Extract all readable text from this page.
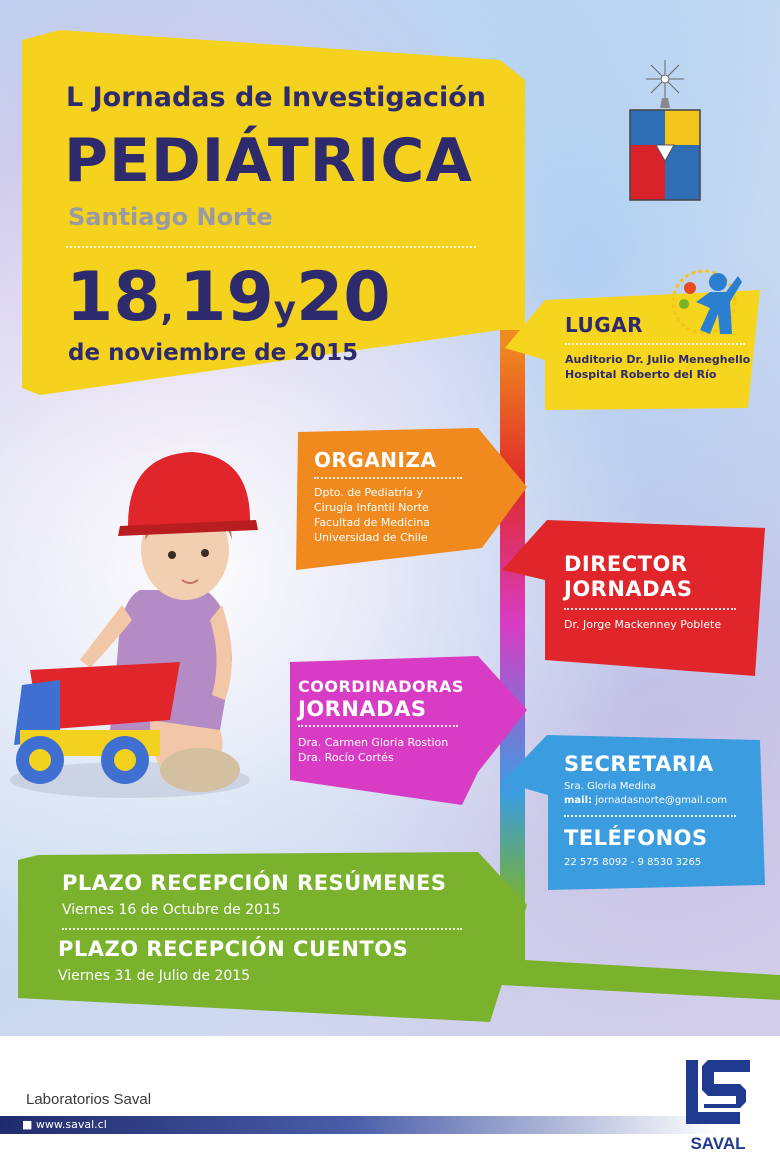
L Jornadas de Investigación
PEDIÁTRICA
Santiago Norte
18, 19y20
de noviembre de 2015
LUGAR
Auditorio Dr. Julio Meneghello
Hospital Roberto del Río
ORGANIZA
Dpto. de Pediatría y
Cirugía Infantil Norte
Facultad de Medicina
Universidad de Chile
DIRECTOR
JORNADAS
Dr. Jorge Mackenney Poblete
COORDINADORAS
JORNADAS
Dra. Carmen Gloria Rostion
Dra. Rocío Cortés	SECRETARIA
Sra. Gloria Medina
mail: jornadasnorte@gmail.com
TELÉFONOS
22 575 8092 - 9 8530 3265
PLAZO RECEPCIÓN RESÚMENES
Viernes 16 de Octubre de 2015
PLAZO RECEPCIÓN CUENTOS
Viernes 31 de Julio de 2015
Laboratorios Saval
■ www.saval.cl
SAVAL
